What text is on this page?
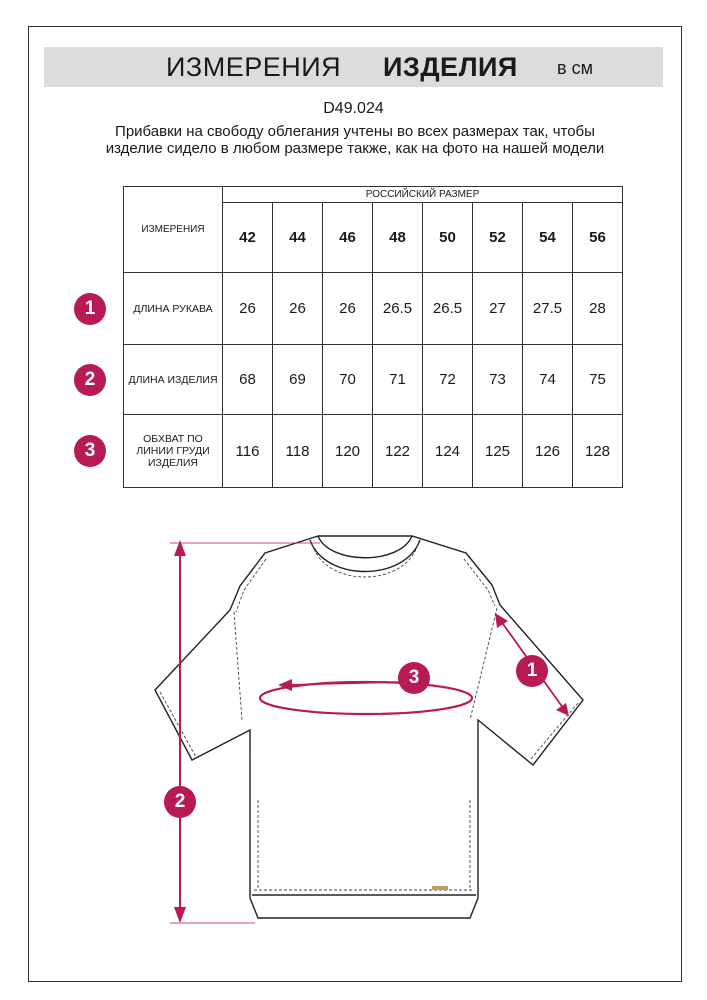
ИЗМЕРЕНИЯ ИЗДЕЛИЯ в см
D49.024
Прибавки на свободу облегания учтены во всех размерах так, чтобы изделие сидело в любом размере также, как на фото на нашей модели
ИЗМЕРЕНИЯ	РОССИЙСКИЙ РАЗМЕР							
	42	44	46	48	50	52	54	56
ДЛИНА РУКАВА	26	26	26	26.5	26.5	27	27.5	28
ДЛИНА ИЗДЕЛИЯ	68	69	70	71	72	73	74	75
ОБХВАТ ПО ЛИНИИ ГРУДИ ИЗДЕЛИЯ	116	118	120	122	124	125	126	128
1
2
3
2
3	1
